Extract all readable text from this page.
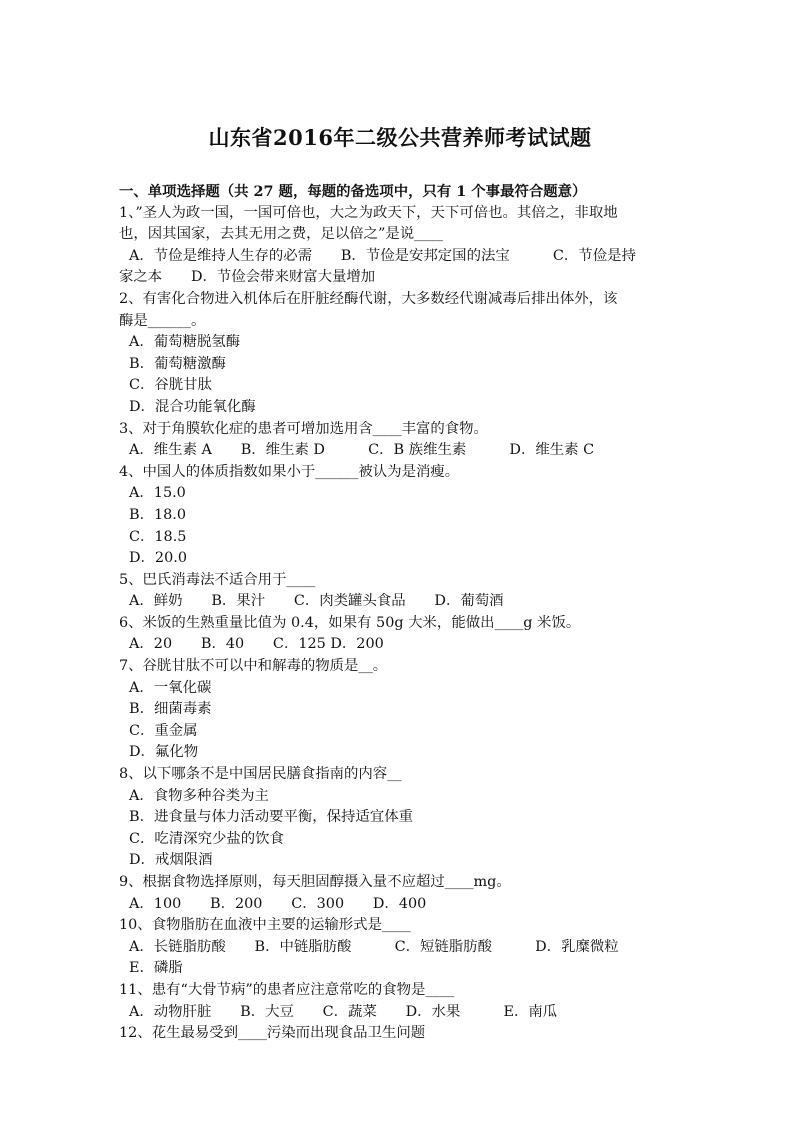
山东省2016年二级公共营养师考试试题
一、单项选择题（共 27 题，每题的备选项中，只有 1 个事最符合题意）
1、”圣人为政一国，一国可倍也，大之为政天下，天下可倍也。其倍之，非取地
也，因其国家，去其无用之费，足以倍之”是说____
A．节俭是维持人生存的必需　　B．节俭是安邦定国的法宝　　　C．节俭是持
家之本　　D．节俭会带来财富大量增加
2、有害化合物进入机体后在肝脏经酶代谢，大多数经代谢减毒后排出体外，该
酶是______。
A．葡萄糖脱氢酶
B．葡萄糖激酶
C．谷胱甘肽
D．混合功能氧化酶
3、对于角膜软化症的患者可增加选用含____丰富的食物。
A．维生素 A　　B．维生素 D　　　C．B 族维生素　　　D．维生素 C
4、中国人的体质指数如果小于______被认为是消瘦。
A．15.0
B．18.0
C．18.5
D．20.0
5、巴氏消毒法不适合用于____
A．鲜奶　　B．果汁　　C．肉类罐头食品　　D．葡萄酒
6、米饭的生熟重量比值为 0.4，如果有 50g 大米，能做出____g 米饭。
A．20　　B．40　　C．125 D．200
7、谷胱甘肽不可以中和解毒的物质是__。
A．一氧化碳
B．细菌毒素
C．重金属
D．氟化物
8、以下哪条不是中国居民膳食指南的内容__
A．食物多种谷类为主
B．进食量与体力活动要平衡，保持适宜体重
C．吃清深究少盐的饮食
D．戒烟限酒
9、根据食物选择原则，每天胆固醇摄入量不应超过____mg。
A．100　　B．200　　C．300　　D．400
10、食物脂肪在血液中主要的运输形式是____
A．长链脂肪酸　　B．中链脂肪酸　　　C．短链脂肪酸　　　D．乳糜微粒
E．磷脂
11、患有“大骨节病”的患者应注意常吃的食物是____
A．动物肝脏　　B．大豆　　C．蔬菜　　D．水果　　　E．南瓜
12、花生最易受到____污染而出现食品卫生问题
